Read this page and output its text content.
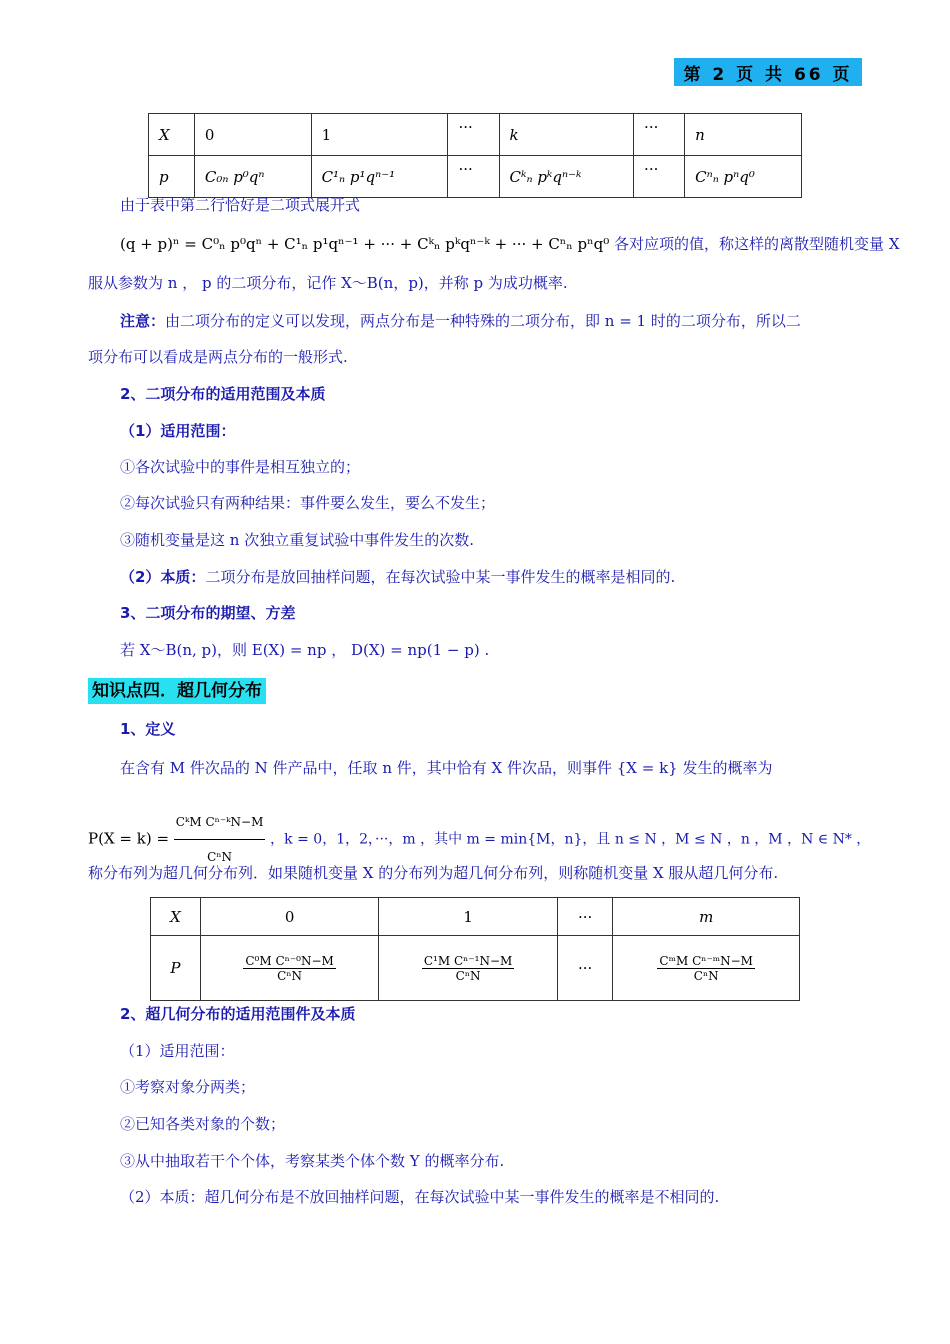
第 2 页 共 66 页
X	0	1	···	k	···	n
p	C₀ₙ p⁰qⁿ	C¹ₙ p¹qⁿ⁻¹	···	Cᵏₙ pᵏqⁿ⁻ᵏ	···	Cⁿₙ pⁿq⁰
由于表中第二行恰好是二项式展开式
(q + p)ⁿ = C⁰ₙ p⁰qⁿ + C¹ₙ p¹qⁿ⁻¹ + ··· + Cᵏₙ pᵏqⁿ⁻ᵏ + ··· + Cⁿₙ pⁿq⁰ 各对应项的值，称这样的离散型随机变量 X
服从参数为 n ， p 的二项分布，记作 X～B(n，p)，并称 p 为成功概率.
注意：由二项分布的定义可以发现，两点分布是一种特殊的二项分布，即 n = 1 时的二项分布，所以二
项分布可以看成是两点分布的一般形式.
2、二项分布的适用范围及本质
（1）适用范围：
①各次试验中的事件是相互独立的；
②每次试验只有两种结果：事件要么发生，要么不发生；
③随机变量是这 n 次独立重复试验中事件发生的次数.
（2）本质：二项分布是放回抽样问题，在每次试验中某一事件发生的概率是相同的.
3、二项分布的期望、方差
若 X～B(n, p)，则 E(X) = np ， D(X) = np(1 − p) .
知识点四．超几何分布
1、定义
在含有 M 件次品的 N 件产品中，任取 n 件，其中恰有 X 件次品，则事件 {X = k} 发生的概率为
$P(X = k) = \frac{\text{CᵏM Cⁿ⁻ᵏN−M}}{\text{CⁿN}}$ ，k = 0，1，2，···，m ，其中 m = min{M，n}，且 n ≤ N ，M ≤ N ，n ，M ，N ∈ N* ，
称分布列为超几何分布列．如果随机变量 X 的分布列为超几何分布列，则称随机变量 X 服从超几何分布.
X	0	1	···	m
P	$\frac{\text{C⁰M Cⁿ⁻⁰N−M}}{\text{CⁿN}}$	$\frac{\text{C¹M Cⁿ⁻¹N−M}}{\text{CⁿN}}$	···	$\frac{\text{CᵐM Cⁿ⁻ᵐN−M}}{\text{CⁿN}}$
2、超几何分布的适用范围件及本质
（1）适用范围：
①考察对象分两类；
②已知各类对象的个数；
③从中抽取若干个个体，考察某类个体个数 Y 的概率分布.
（2）本质：超几何分布是不放回抽样问题，在每次试验中某一事件发生的概率是不相同的.
